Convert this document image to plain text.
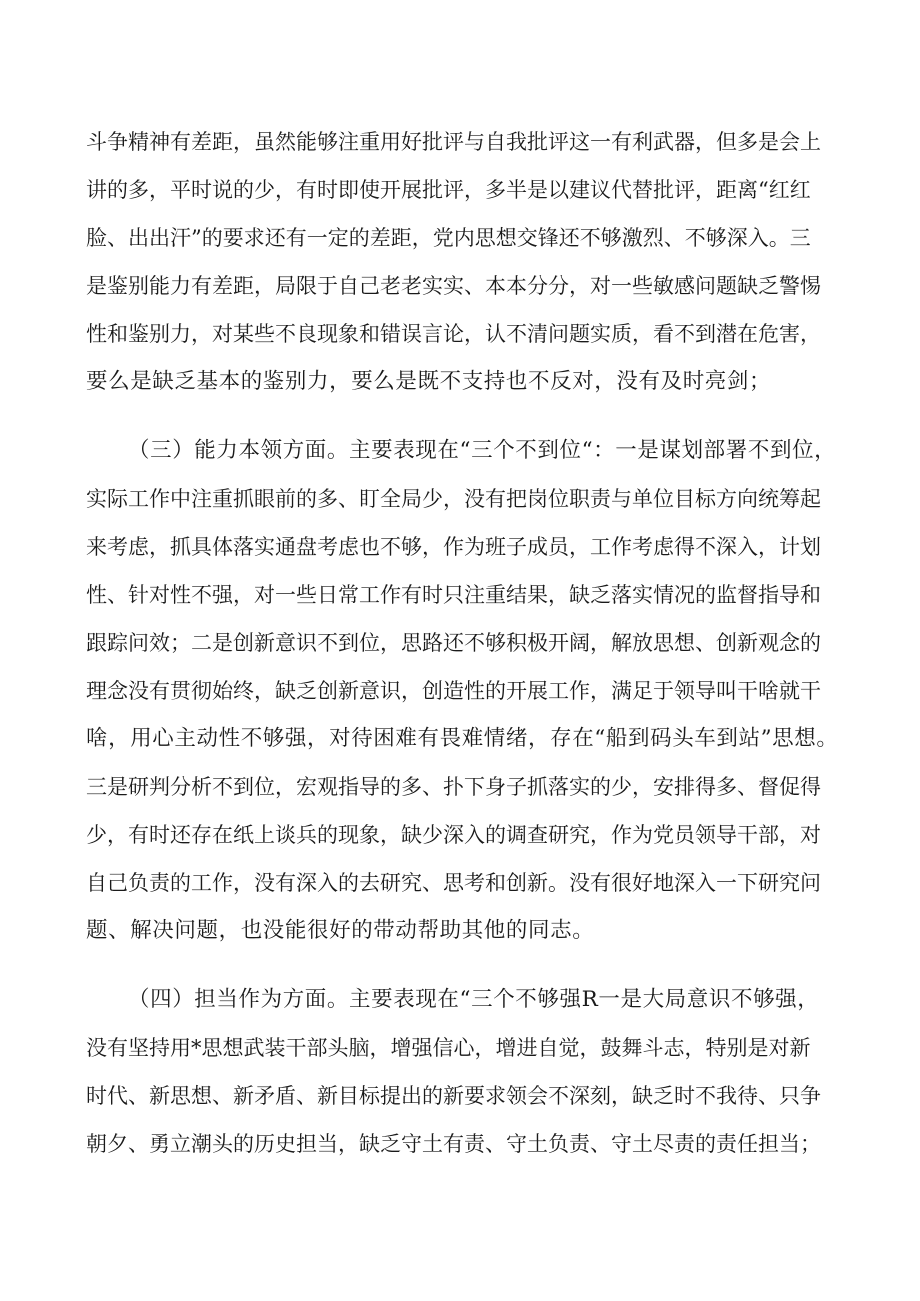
斗争精神有差距，虽然能够注重用好批评与自我批评这一有利武器，但多是会上
讲的多，平时说的少，有时即使开展批评，多半是以建议代替批评，距离“红红
脸、出出汗”的要求还有一定的差距，党内思想交锋还不够激烈、不够深入。三
是鉴别能力有差距，局限于自己老老实实、本本分分，对一些敏感问题缺乏警惕
性和鉴别力，对某些不良现象和错误言论，认不清问题实质，看不到潜在危害，
要么是缺乏基本的鉴别力，要么是既不支持也不反对，没有及时亮剑；
（三）能力本领方面。主要表现在“三个不到位“：一是谋划部署不到位，
实际工作中注重抓眼前的多、盯全局少，没有把岗位职责与单位目标方向统筹起
来考虑，抓具体落实通盘考虑也不够，作为班子成员，工作考虑得不深入，计划
性、针对性不强，对一些日常工作有时只注重结果，缺乏落实情况的监督指导和
跟踪问效；二是创新意识不到位，思路还不够积极开阔，解放思想、创新观念的
理念没有贯彻始终，缺乏创新意识，创造性的开展工作，满足于领导叫干啥就干
啥，用心主动性不够强，对待困难有畏难情绪，存在“船到码头车到站”思想。
三是研判分析不到位，宏观指导的多、扑下身子抓落实的少，安排得多、督促得
少，有时还存在纸上谈兵的现象，缺少深入的调查研究，作为党员领导干部，对
自己负责的工作，没有深入的去研究、思考和创新。没有很好地深入一下研究问
题、解决问题，也没能很好的带动帮助其他的同志。
（四）担当作为方面。主要表现在“三个不够强R一是大局意识不够强，
没有坚持用*思想武装干部头脑，增强信心，增进自觉，鼓舞斗志，特别是对新
时代、新思想、新矛盾、新目标提出的新要求领会不深刻，缺乏时不我待、只争
朝夕、勇立潮头的历史担当，缺乏守土有责、守土负责、守土尽责的责任担当；
